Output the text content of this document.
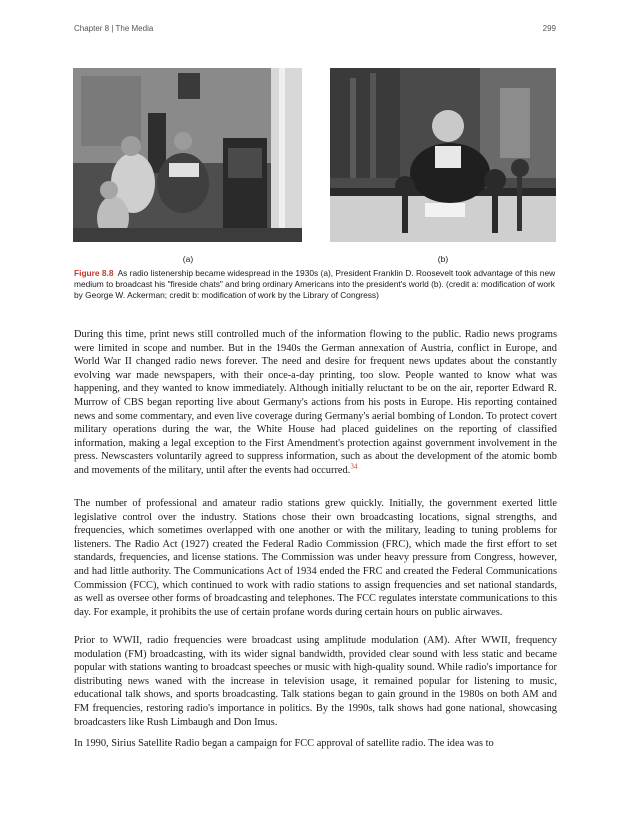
Chapter 8 | The Media	299
(a)	(b)
Figure 8.8 As radio listenership became widespread in the 1930s (a), President Franklin D. Roosevelt took advantage of this new medium to broadcast his "fireside chats" and bring ordinary Americans into the president's world (b). (credit a: modification of work by George W. Ackerman; credit b: modification of work by the Library of Congress)

During this time, print news still controlled much of the information flowing to the public. Radio news programs were limited in scope and number. But in the 1940s the German annexation of Austria, conflict in Europe, and World War II changed radio news forever. The need and desire for frequent news updates about the constantly evolving war made newspapers, with their once-a-day printing, too slow. People wanted to know what was happening, and they wanted to know immediately. Although initially reluctant to be on the air, reporter Edward R. Murrow of CBS began reporting live about Germany's actions from his posts in Europe. His reporting contained news and some commentary, and even live coverage during Germany's aerial bombing of London. To protect covert military operations during the war, the White House had placed guidelines on the reporting of classified information, making a legal exception to the First Amendment's protection against government involvement in the press. Newscasters voluntarily agreed to suppress information, such as about the development of the atomic bomb and movements of the military, until after the events had occurred.$^{34}$

The number of professional and amateur radio stations grew quickly. Initially, the government exerted little legislative control over the industry. Stations chose their own broadcasting locations, signal strengths, and frequencies, which sometimes overlapped with one another or with the military, leading to tuning problems for listeners. The Radio Act (1927) created the Federal Radio Commission (FRC), which made the first effort to set standards, frequencies, and license stations. The Commission was under heavy pressure from Congress, however, and had little authority. The Communications Act of 1934 ended the FRC and created the Federal Communications Commission (FCC), which continued to work with radio stations to assign frequencies and set national standards, as well as oversee other forms of broadcasting and telephones. The FCC regulates interstate communications to this day. For example, it prohibits the use of certain profane words during certain hours on public airwaves.

Prior to WWII, radio frequencies were broadcast using amplitude modulation (AM). After WWII, frequency modulation (FM) broadcasting, with its wider signal bandwidth, provided clear sound with less static and became popular with stations wanting to broadcast speeches or music with high-quality sound. While radio's importance for distributing news waned with the increase in television usage, it remained popular for listening to music, educational talk shows, and sports broadcasting. Talk stations began to gain ground in the 1980s on both AM and FM frequencies, restoring radio's importance in politics. By the 1990s, talk shows had gone national, showcasing broadcasters like Rush Limbaugh and Don Imus.

In 1990, Sirius Satellite Radio began a campaign for FCC approval of satellite radio. The idea was to
